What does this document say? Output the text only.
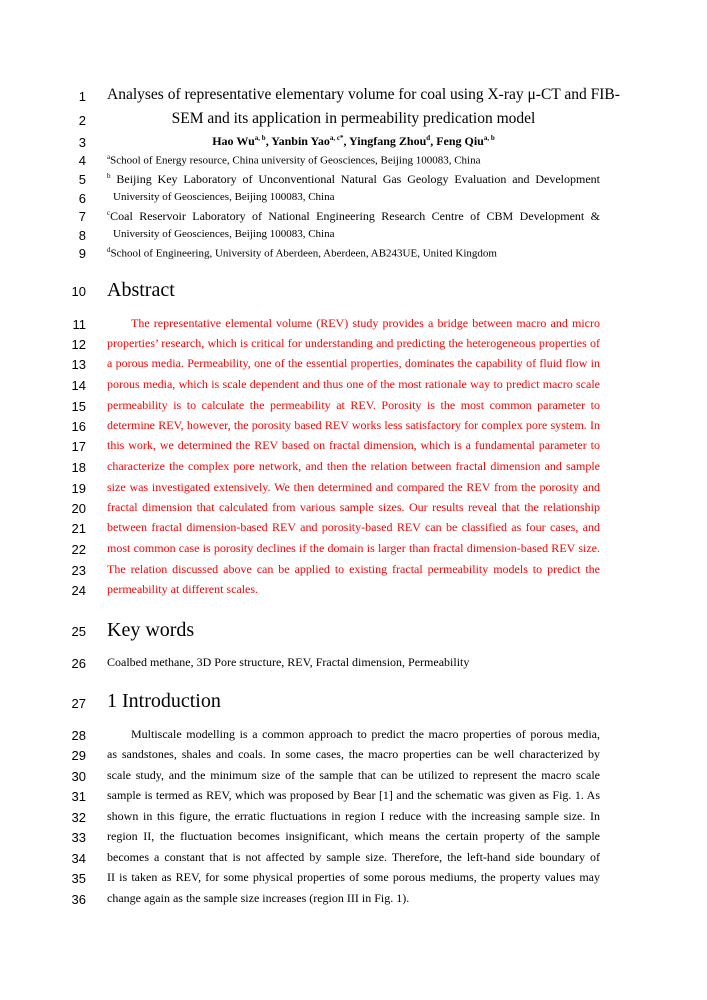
1
2
3
4
5
6
7
8
9
10
11
12
13
14
15
16
17
18
19
20
21
22
23
24
25
26
27
28
29
30
31
32
33
34
35
36
Analyses of representative elementary volume for coal using X-ray μ-CT and FIB-
SEM and its application in permeability predication model
Hao Wu$^{a, b}$, Yanbin Yao$^{a, c*}$, Yingfang Zhou$^d$, Feng Qiu$^{a, b}$
$^a$School of Energy resource, China university of Geosciences, Beijing 100083, China
$^b$ Beijing Key Laboratory of Unconventional Natural Gas Geology Evaluation and Development
University of Geosciences, Beijing 100083, China
$^c$Coal Reservoir Laboratory of National Engineering Research Centre of CBM Development &
University of Geosciences, Beijing 100083, China
$^d$School of Engineering, University of Aberdeen, Aberdeen, AB243UE, United Kingdom
Abstract
The representative elemental volume (REV) study provides a bridge between macro and micro
properties’ research, which is critical for understanding and predicting the heterogeneous properties of
a porous media. Permeability, one of the essential properties, dominates the capability of fluid flow in
porous media, which is scale dependent and thus one of the most rationale way to predict macro scale
permeability is to calculate the permeability at REV. Porosity is the most common parameter to
determine REV, however, the porosity based REV works less satisfactory for complex pore system. In
this work, we determined the REV based on fractal dimension, which is a fundamental parameter to
characterize the complex pore network, and then the relation between fractal dimension and sample
size was investigated extensively. We then determined and compared the REV from the porosity and
fractal dimension that calculated from various sample sizes. Our results reveal that the relationship
between fractal dimension-based REV and porosity-based REV can be classified as four cases, and
most common case is porosity declines if the domain is larger than fractal dimension-based REV size.
The relation discussed above can be applied to existing fractal permeability models to predict the
permeability at different scales.
Key words
Coalbed methane, 3D Pore structure, REV, Fractal dimension, Permeability
1 Introduction
Multiscale modelling is a common approach to predict the macro properties of porous media,
as sandstones, shales and coals. In some cases, the macro properties can be well characterized by
scale study, and the minimum size of the sample that can be utilized to represent the macro scale
sample is termed as REV, which was proposed by Bear [1] and the schematic was given as Fig. 1. As
shown in this figure, the erratic fluctuations in region I reduce with the increasing sample size. In
region II, the fluctuation becomes insignificant, which means the certain property of the sample
becomes a constant that is not affected by sample size. Therefore, the left-hand side boundary of
II is taken as REV, for some physical properties of some porous mediums, the property values may
change again as the sample size increases (region III in Fig. 1).
